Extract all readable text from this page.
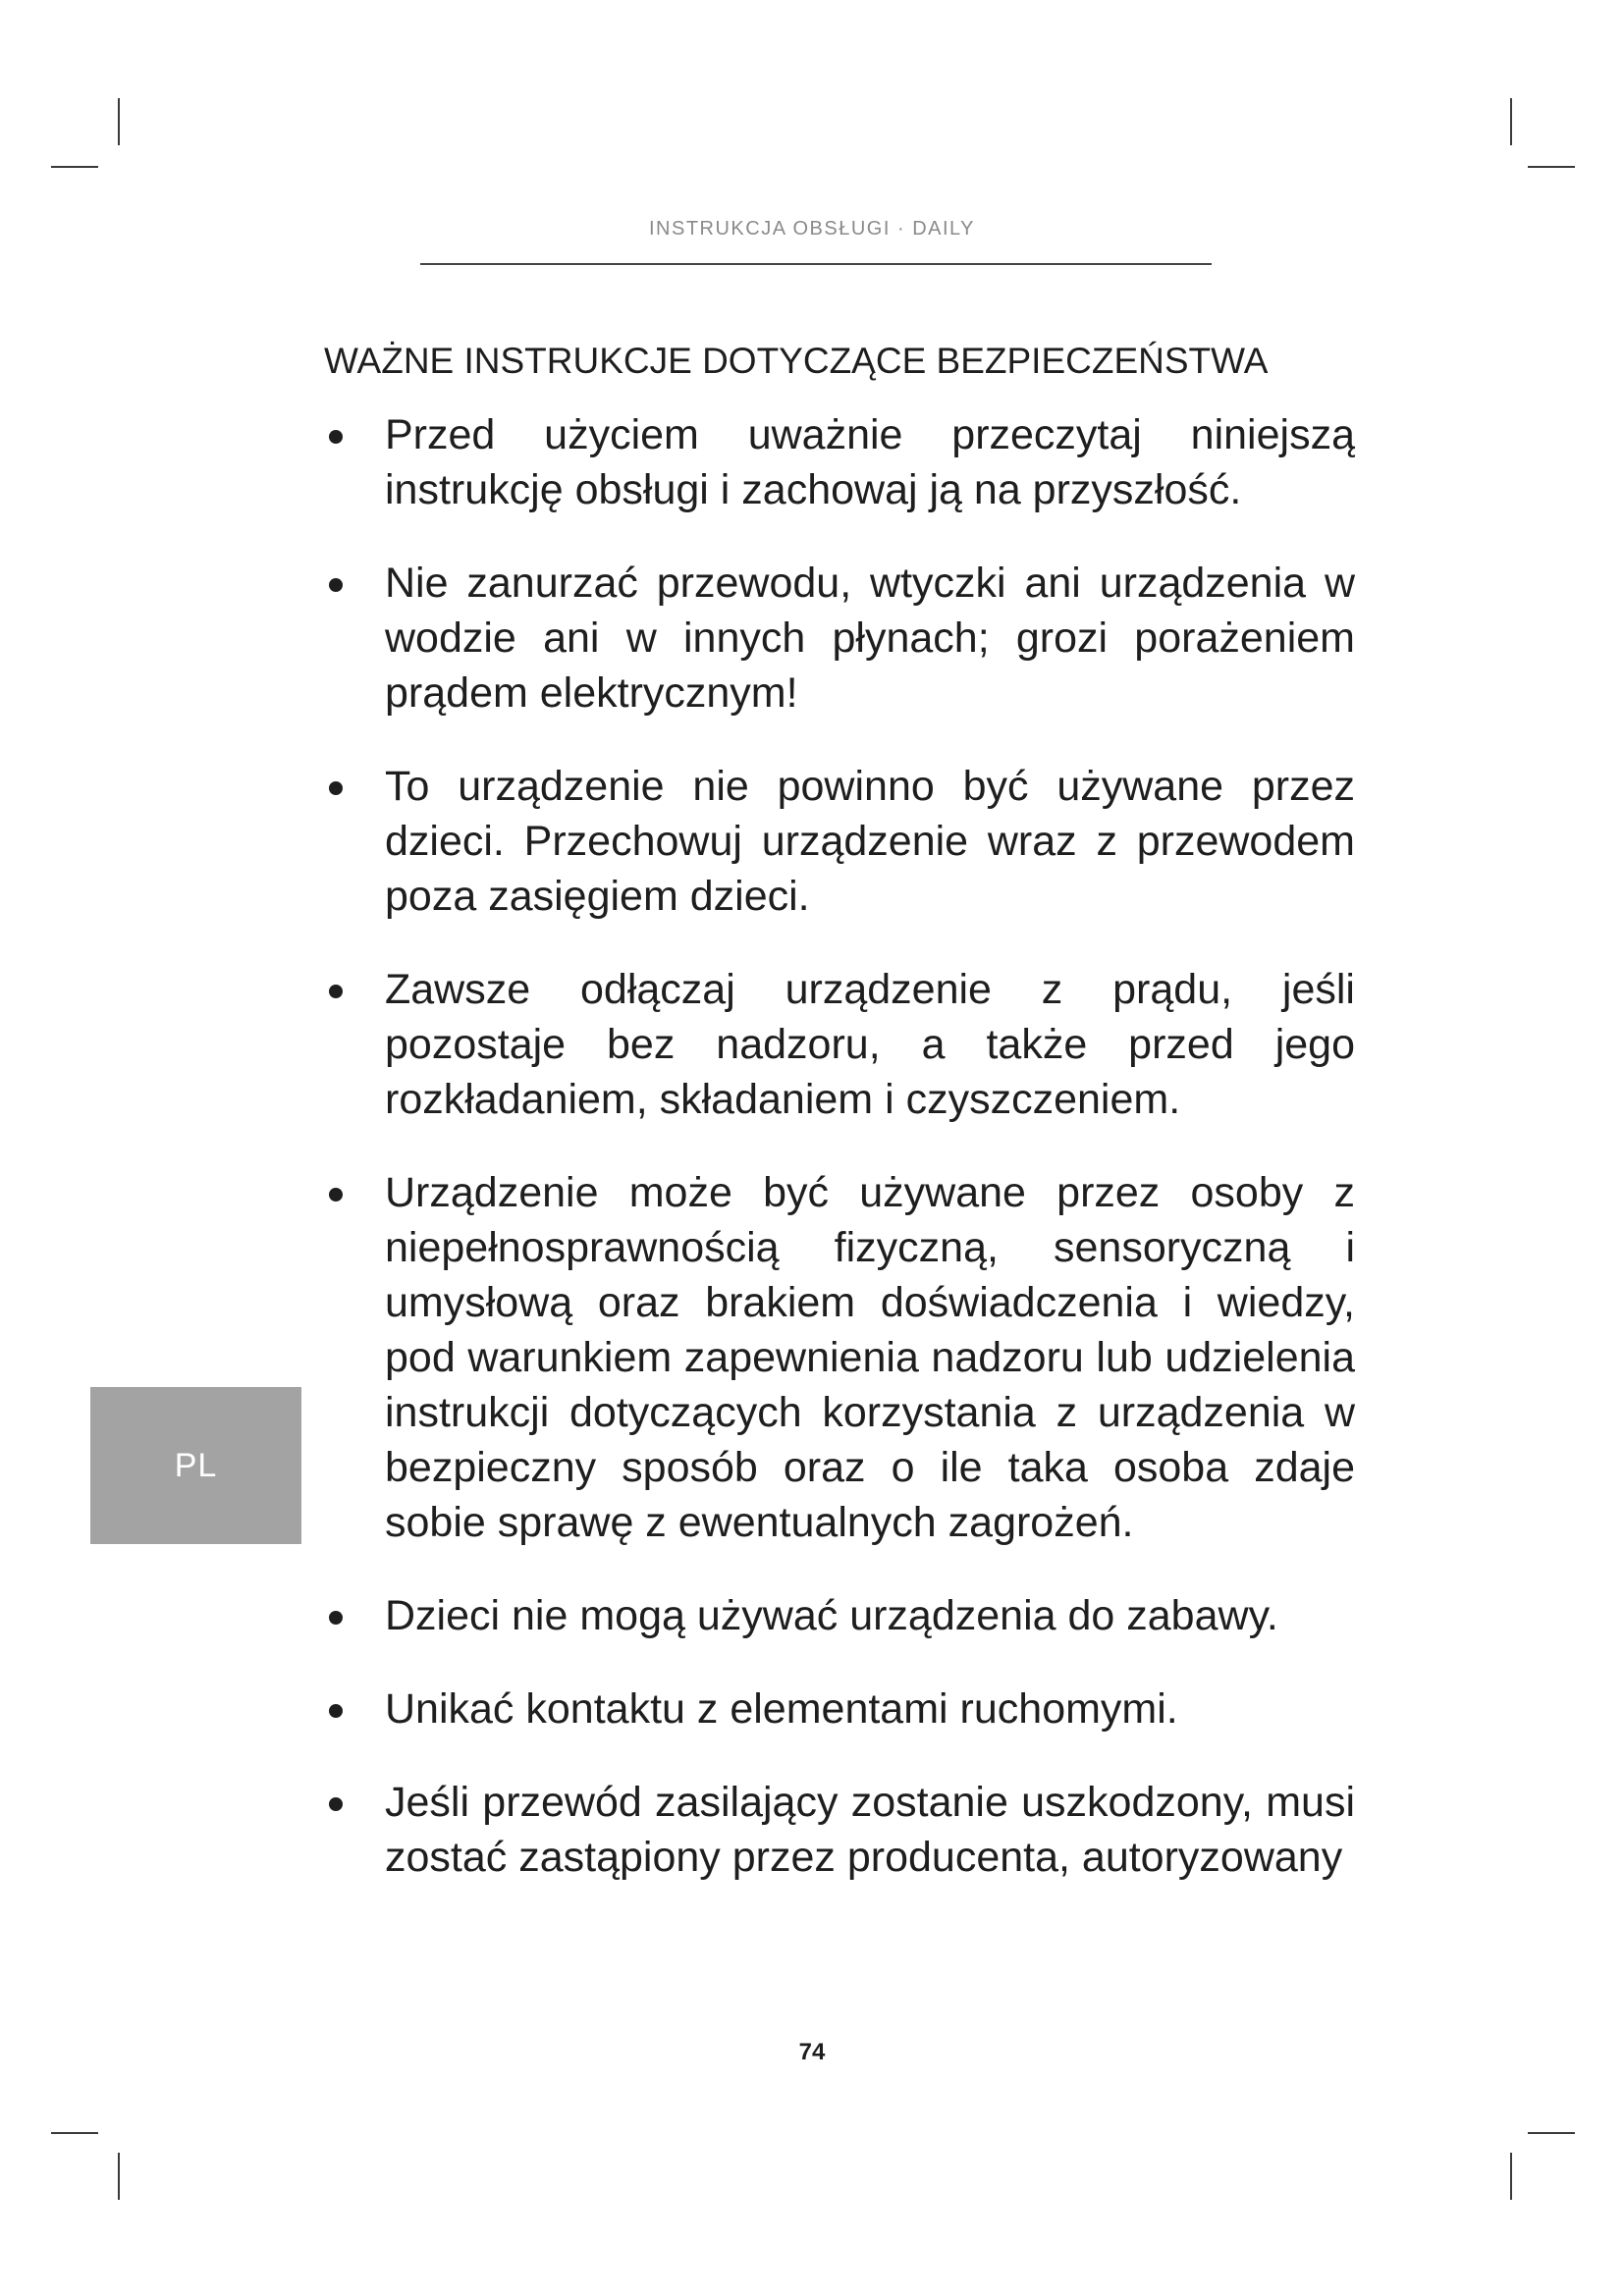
INSTRUKCJA OBSŁUGI · DAILY
WAŻNE INSTRUKCJE DOTYCZĄCE BEZPIECZEŃSTWA
Przed użyciem uważnie przeczytaj niniejszą instrukcję obsługi i zachowaj ją na przyszłość.
Nie zanurzać przewodu, wtyczki ani urządzenia w wodzie ani w innych płynach; grozi porażeniem prądem elektrycznym!
To urządzenie nie powinno być używane przez dzieci. Przechowuj urządzenie wraz z przewodem poza zasięgiem dzieci.
Zawsze odłączaj urządzenie z prądu, jeśli pozostaje bez nadzoru, a także przed jego rozkładaniem, składaniem i czyszczeniem.
Urządzenie może być używane przez osoby z niepełnosprawnością fizyczną, sensoryczną i umysłową oraz brakiem doświadczenia i wiedzy, pod warunkiem zapewnienia nadzoru lub udzielenia instrukcji dotyczących korzystania z urządzenia w bezpieczny sposób oraz o ile taka osoba zdaje sobie sprawę z ewentualnych zagrożeń.
Dzieci nie mogą używać urządzenia do zabawy.
Unikać kontaktu z elementami ruchomymi.
Jeśli przewód zasilający zostanie uszkodzony, musi zostać zastąpiony przez producenta, autoryzowany
PL
74
